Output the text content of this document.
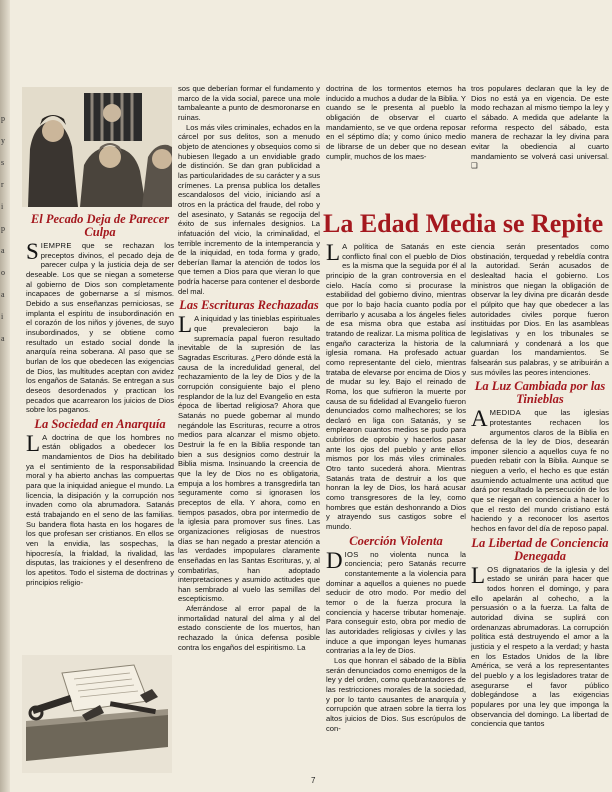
p
y
s
r
i
p
a
o
a
i
a
El Pecado Deja de Parecer Culpa

SIEMPRE que se rechazan los preceptos divinos, el pecado deja de parecer culpa y la justicia deja de ser deseable. Los que se niegan a someterse al gobierno de Dios son completamente incapaces de gobernarse a sí mismos. Debido a sus enseñanzas perniciosas, se implanta el espíritu de insubordinación en el corazón de los niños y jóvenes, de suyo insubordinados, y se obtiene como resultado un estado social donde la anarquía reina soberana. Al paso que se burlan de los que obedecen las exigencias de Dios, las multitudes aceptan con avidez los engaños de Satanás. Se entregan a sus deseos desordenados y practican los pecados que acarrearon los juicios de Dios sobre los paganos.

La Sociedad en Anarquía

L A doctrina de que los hombres no están obligados a obedecer los mandamientos de Dios ha debilitado ya el sentimiento de la responsabilidad moral y ha abierto anchas las compuertas para que la iniquidad aniegue el mundo. La licencia, la disipación y la corrupción nos invaden como ola abrumadora. Satanás está trabajando en el seno de las familias. Su bandera flota hasta en los hogares de los que profesan ser cristianos. En ellos se ven la envidia, las sospechas, la hipocresía, la frialdad, la rivalidad, las disputas, las traiciones y el desenfreno de los apetitos. Todo el sistema de doctrinas y principios religio-

sos que deberían formar el fundamento y marco de la vida social, parece una mole tambaleante a punto de desmoronarse en ruinas.

Los más viles criminales, echados en la cárcel por sus delitos, son a menudo objeto de atenciones y obsequios como si hubiesen llegado a un envidiable grado de distinción. Se dan gran publicidad a las particularidades de su carácter y a sus crímenes. La prensa publica los detalles escandalosos del vicio, iniciando así a otros en la práctica del fraude, del robo y del asesinato, y Satanás se regocija del éxito de sus infernales designios. La infatuación del vicio, la criminalidad, el terrible incremento de la intemperancia y de la iniquidad, en toda forma y grado, deberían llamar la atención de todos los que temen a Dios para que vieran lo que podría hacerse para contener el desborde del mal.

Las Escrituras Rechazadas

L A iniquidad y las tinieblas espirituales que prevalecieron bajo la supremacía papal fueron resultado inevitable de la supresión de las Sagradas Escrituras. ¿Pero dónde está la causa de la incredulidad general, del rechazamiento de la ley de Dios y de la corrupción consiguiente bajo el pleno resplandor de la luz del Evangelio en esta época de libertad religiosa? Ahora que Satanás no puede gobernar al mundo negándole las Escrituras, recurre a otros medios para alcanzar el mismo objeto. Destruir la fe en la Biblia responde tan bien a sus designios como destruir la Biblia misma. Insinuando la creencia de que la ley de Dios no es obligatoria, empuja a los hombres a transgredirla tan seguramente como si ignorasen los preceptos de ella. Y ahora, como en tiempos pasados, obra por intermedio de la iglesia para promover sus fines. Las organizaciones religiosas de nuestros días se han negado a prestar atención a las verdades impopulares claramente enseñadas en las Santas Escrituras, y, al combatirlas, han adoptado interpretaciones y asumido actitudes que han sembrado al vuelo las semillas del escepticismo.

Aferrándose al error papal de la inmortalidad natural del alma y al del estado consciente de los muertos, han rechazado la única defensa posible contra los engaños del espiritismo. La

doctrina de los tormentos eternos ha inducido a muchos a dudar de la Biblia. Y cuando se le presenta al pueblo la obligación de observar el cuarto mandamiento, se ve que ordena reposar en el séptimo día; y como único medio de librarse de un deber que no desean cumplir, muchos de los maes-

tros populares declaran que la ley de Dios no está ya en vigencia. De este modo rechazan al mismo tiempo la ley y el sábado. A medida que adelante la reforma respecto del sábado, esta manera de rechazar la ley divina para evitar la obediencia al cuarto mandamiento se volverá casi universal. ❑

La Edad Media se Repite

L A política de Satanás en este conflicto final con el pueblo de Dios es la misma que la seguida por él al principio de la gran controversia en el cielo. Hacía como si procurase la estabilidad del gobierno divino, mientras que por lo bajo hacía cuanto podía por derribarlo y acusaba a los ángeles fieles de esa misma obra que estaba así tratando de realizar. La misma política de engaño caracteriza la historia de la iglesia romana. Ha profesado actuar como representante del cielo, mientras trataba de elevarse por encima de Dios y de mudar su ley. Bajo el reinado de Roma, los que sufrieron la muerte por causa de su fidelidad al Evangelio fueron denunciados como malhechores; se los declaró en liga con Satanás, y se emplearon cuantos medios se pudo para cubrirlos de oprobio y hacerlos pasar ante los ojos del pueblo y ante ellos mismos por los más viles criminales. Otro tanto sucederá ahora. Mientras Satanás trata de destruir a los que honran la ley de Dios, los hará acusar como transgresores de la ley, como hombres que están deshonrando a Dios y atrayendo sus castigos sobre el mundo.

Coerción Violenta

DIOS no violenta nunca la conciencia; pero Satanás recurre constantemente a la violencia para dominar a aquellos a quienes no puede seducir de otro modo. Por medio del temor o de la fuerza procura la conciencia y hacerse tributar homenaje. Para conseguir esto, obra por medio de las autoridades religiosas y civiles y las induce a que impongan leyes humanas contrarias a la ley de Dios.

Los que honran el sábado de la Biblia serán denunciados como enemigos de la ley y del orden, como quebrantadores de las restricciones morales de la sociedad, y por lo tanto causantes de anarquía y corrupción que atraen sobre la tierra los altos juicios de Dios. Sus escrúpulos de con-

ciencia serán presentados como obstinación, terquedad y rebeldía contra la autoridad. Serán acusados de deslealtad hacia el gobierno. Los ministros que niegan la obligación de observar la ley divina pre dicarán desde el púlpito que hay que obedecer a las autoridades civiles porque fueron instituidas por Dios. En las asambleas legislativas y en los tribunales se calumniará y condenará a los que guardan los mandamientos. Se falsearán sus palabras, y se atribuirán a sus móviles las peores intenciones.

La Luz Cambiada por las Tinieblas

AMEDIDA que las iglesias protestantes rechacen los argumentos claros de la Biblia en defensa de la ley de Dios, desearán imponer silencio a aquellos cuya fe no pueden rebatir con la Biblia. Aunque se nieguen a verlo, el hecho es que están asumiendo actualmente una actitud que dará por resultado la persecución de los que se niegan en conciencia a hacer lo que el resto del mundo cristiano está haciendo y a reconocer los asertos hechos en favor del día de reposo papal.

La Libertad de Conciencia Denegada

LOS dignatarios de la iglesia y del estado se unirán para hacer que todos honren el domingo, y para ello apelarán al cohecho, a la persuasión o a la fuerza. La falta de autoridad divina se suplirá con ordenanzas abrumadoras. La corrupción política está destruyendo el amor a la justicia y el respeto a la verdad; y hasta en los Estados Unidos de la libre América, se verá a los representantes del pueblo y a los legisladores tratar de asegurarse el favor público doblegándose a las exigencias populares por una ley que imponga la observancia del domingo. La libertad de conciencia que tantos

7
